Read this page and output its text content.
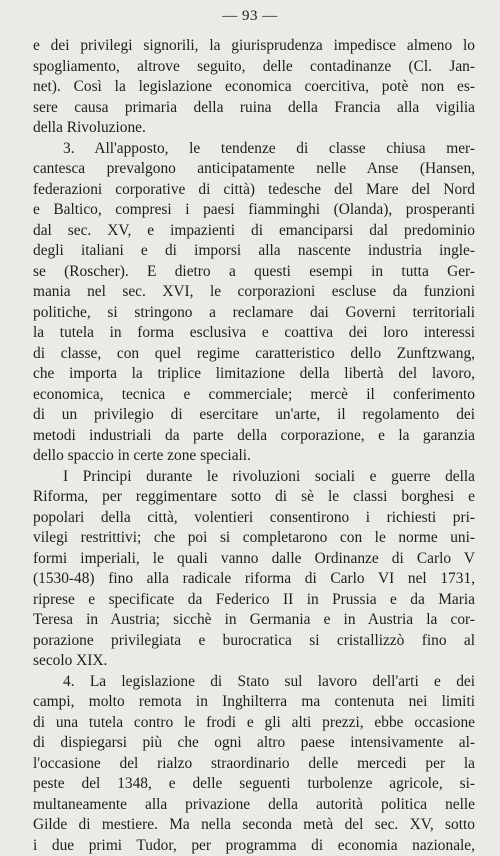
— 93 —
e dei privilegi signorili, la giurisprudenza impedisce almeno lo
spogliamento, altrove seguito, delle contadinanze (Cl. Jan-
net). Così la legislazione economica coercitiva, potè non es-
sere causa primaria della ruina della Francia alla vigilia
della Rivoluzione.
3. All'apposto, le tendenze di classe chiusa mer-
cantesca prevalgono anticipatamente nelle Anse (Hansen,
federazioni corporative di città) tedesche del Mare del Nord
e Baltico, compresi i paesi fiamminghi (Olanda), prosperanti
dal sec. XV, e impazienti di emanciparsi dal predominio
degli italiani e di imporsi alla nascente industria ingle-
se (Roscher). E dietro a questi esempi in tutta Ger-
mania nel sec. XVI, le corporazioni escluse da funzioni
politiche, si stringono a reclamare dai Governi territoriali
la tutela in forma esclusiva e coattiva dei loro interessi
di classe, con quel regime caratteristico dello Zunftzwang,
che importa la triplice limitazione della libertà del lavoro,
economica, tecnica e commerciale; mercè il conferimento
di un privilegio di esercitare un'arte, il regolamento dei
metodi industriali da parte della corporazione, e la garanzia
dello spaccio in certe zone speciali.
I Principi durante le rivoluzioni sociali e guerre della
Riforma, per reggimentare sotto di sè le classi borghesi e
popolari della città, volentieri consentirono i richiesti pri-
vilegi restrittivi; che poi si completarono con le norme uni-
formi imperiali, le quali vanno dalle Ordinanze di Carlo V
(1530-48) fino alla radicale riforma di Carlo VI nel 1731,
riprese e specificate da Federico II in Prussia e da Maria
Teresa in Austria; sicchè in Germania e in Austria la cor-
porazione privilegiata e burocratica si cristallizzò fino al
secolo XIX.
4. La legislazione di Stato sul lavoro dell'arti e dei
campi, molto remota in Inghilterra ma contenuta nei limiti
di una tutela contro le frodi e gli alti prezzi, ebbe occasione
di dispiegarsi più che ogni altro paese intensivamente al-
l'occasione del rialzo straordinario delle mercedi per la
peste del 1348, e delle seguenti turbolenze agricole, si-
multaneamente alla privazione della autorità politica nelle
Gilde di mestiere. Ma nella seconda metà del sec. XV, sotto
i due primi Tudor, per programma di economia nazionale,
